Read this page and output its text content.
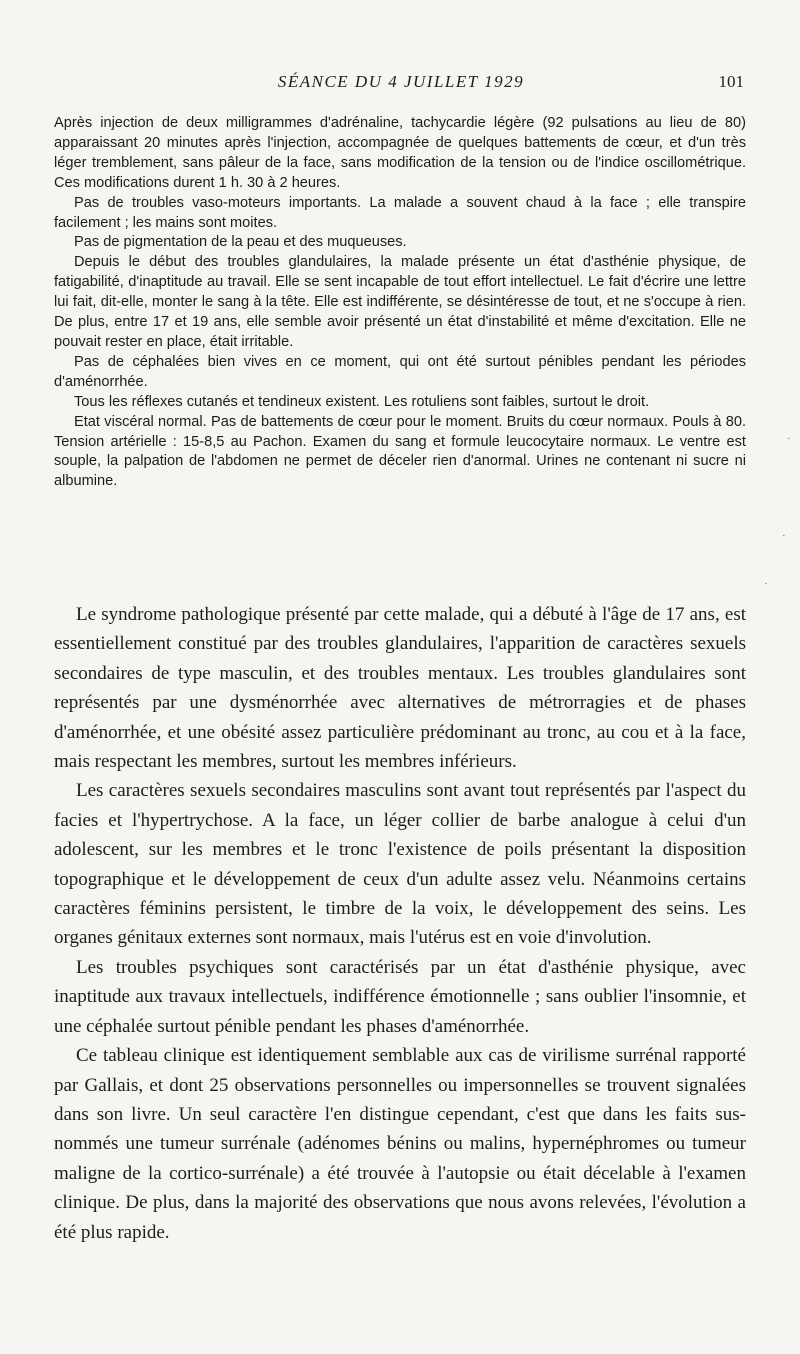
SÉANCE DU 4 JUILLET 1929	101

Après injection de deux milligrammes d'adrénaline, tachycardie légère (92 pulsations au lieu de 80) apparaissant 20 minutes après l'injection, accompagnée de quelques battements de cœur, et d'un très léger tremblement, sans pâleur de la face, sans modification de la tension ou de l'indice oscillométrique. Ces modifications durent 1 h. 30 à 2 heures.

Pas de troubles vaso-moteurs importants. La malade a souvent chaud à la face ; elle transpire facilement ; les mains sont moites.

Pas de pigmentation de la peau et des muqueuses.

Depuis le début des troubles glandulaires, la malade présente un état d'asthénie physique, de fatigabilité, d'inaptitude au travail. Elle se sent incapable de tout effort intellectuel. Le fait d'écrire une lettre lui fait, dit-elle, monter le sang à la tête. Elle est indifférente, se désintéresse de tout, et ne s'occupe à rien. De plus, entre 17 et 19 ans, elle semble avoir présenté un état d'instabilité et même d'excitation. Elle ne pouvait rester en place, était irritable.

Pas de céphalées bien vives en ce moment, qui ont été surtout pénibles pendant les périodes d'aménorrhée.

Tous les réflexes cutanés et tendineux existent. Les rotuliens sont faibles, surtout le droit.

Etat viscéral normal. Pas de battements de cœur pour le moment. Bruits du cœur normaux. Pouls à 80. Tension artérielle : 15-8,5 au Pachon. Examen du sang et formule leucocytaire normaux. Le ventre est souple, la palpation de l'abdomen ne permet de déceler rien d'anormal. Urines ne contenant ni sucre ni albumine.

Le syndrome pathologique présenté par cette malade, qui a débuté à l'âge de 17 ans, est essentiellement constitué par des troubles glandulaires, l'apparition de caractères sexuels secondaires de type masculin, et des troubles mentaux. Les troubles glandulaires sont représentés par une dysménorrhée avec alternatives de métrorragies et de phases d'aménorrhée, et une obésité assez particulière prédominant au tronc, au cou et à la face, mais respectant les membres, surtout les membres inférieurs.

Les caractères sexuels secondaires masculins sont avant tout représentés par l'aspect du facies et l'hypertrychose. A la face, un léger collier de barbe analogue à celui d'un adolescent, sur les membres et le tronc l'existence de poils présentant la disposition topographique et le développement de ceux d'un adulte assez velu. Néanmoins certains caractères féminins persistent, le timbre de la voix, le développement des seins. Les organes génitaux externes sont normaux, mais l'utérus est en voie d'involution.

Les troubles psychiques sont caractérisés par un état d'asthénie physique, avec inaptitude aux travaux intellectuels, indifférence émotionnelle ; sans oublier l'insomnie, et une céphalée surtout pénible pendant les phases d'aménorrhée.

Ce tableau clinique est identiquement semblable aux cas de virilisme surrénal rapporté par Gallais, et dont 25 observations personnelles ou impersonnelles se trouvent signalées dans son livre. Un seul caractère l'en distingue cependant, c'est que dans les faits sus-nommés une tumeur surrénale (adénomes bénins ou malins, hypernéphromes ou tumeur maligne de la cortico-surrénale) a été trouvée à l'autopsie ou était décelable à l'examen clinique. De plus, dans la majorité des observations que nous avons relevées, l'évolution a été plus rapide.

·
·
·
